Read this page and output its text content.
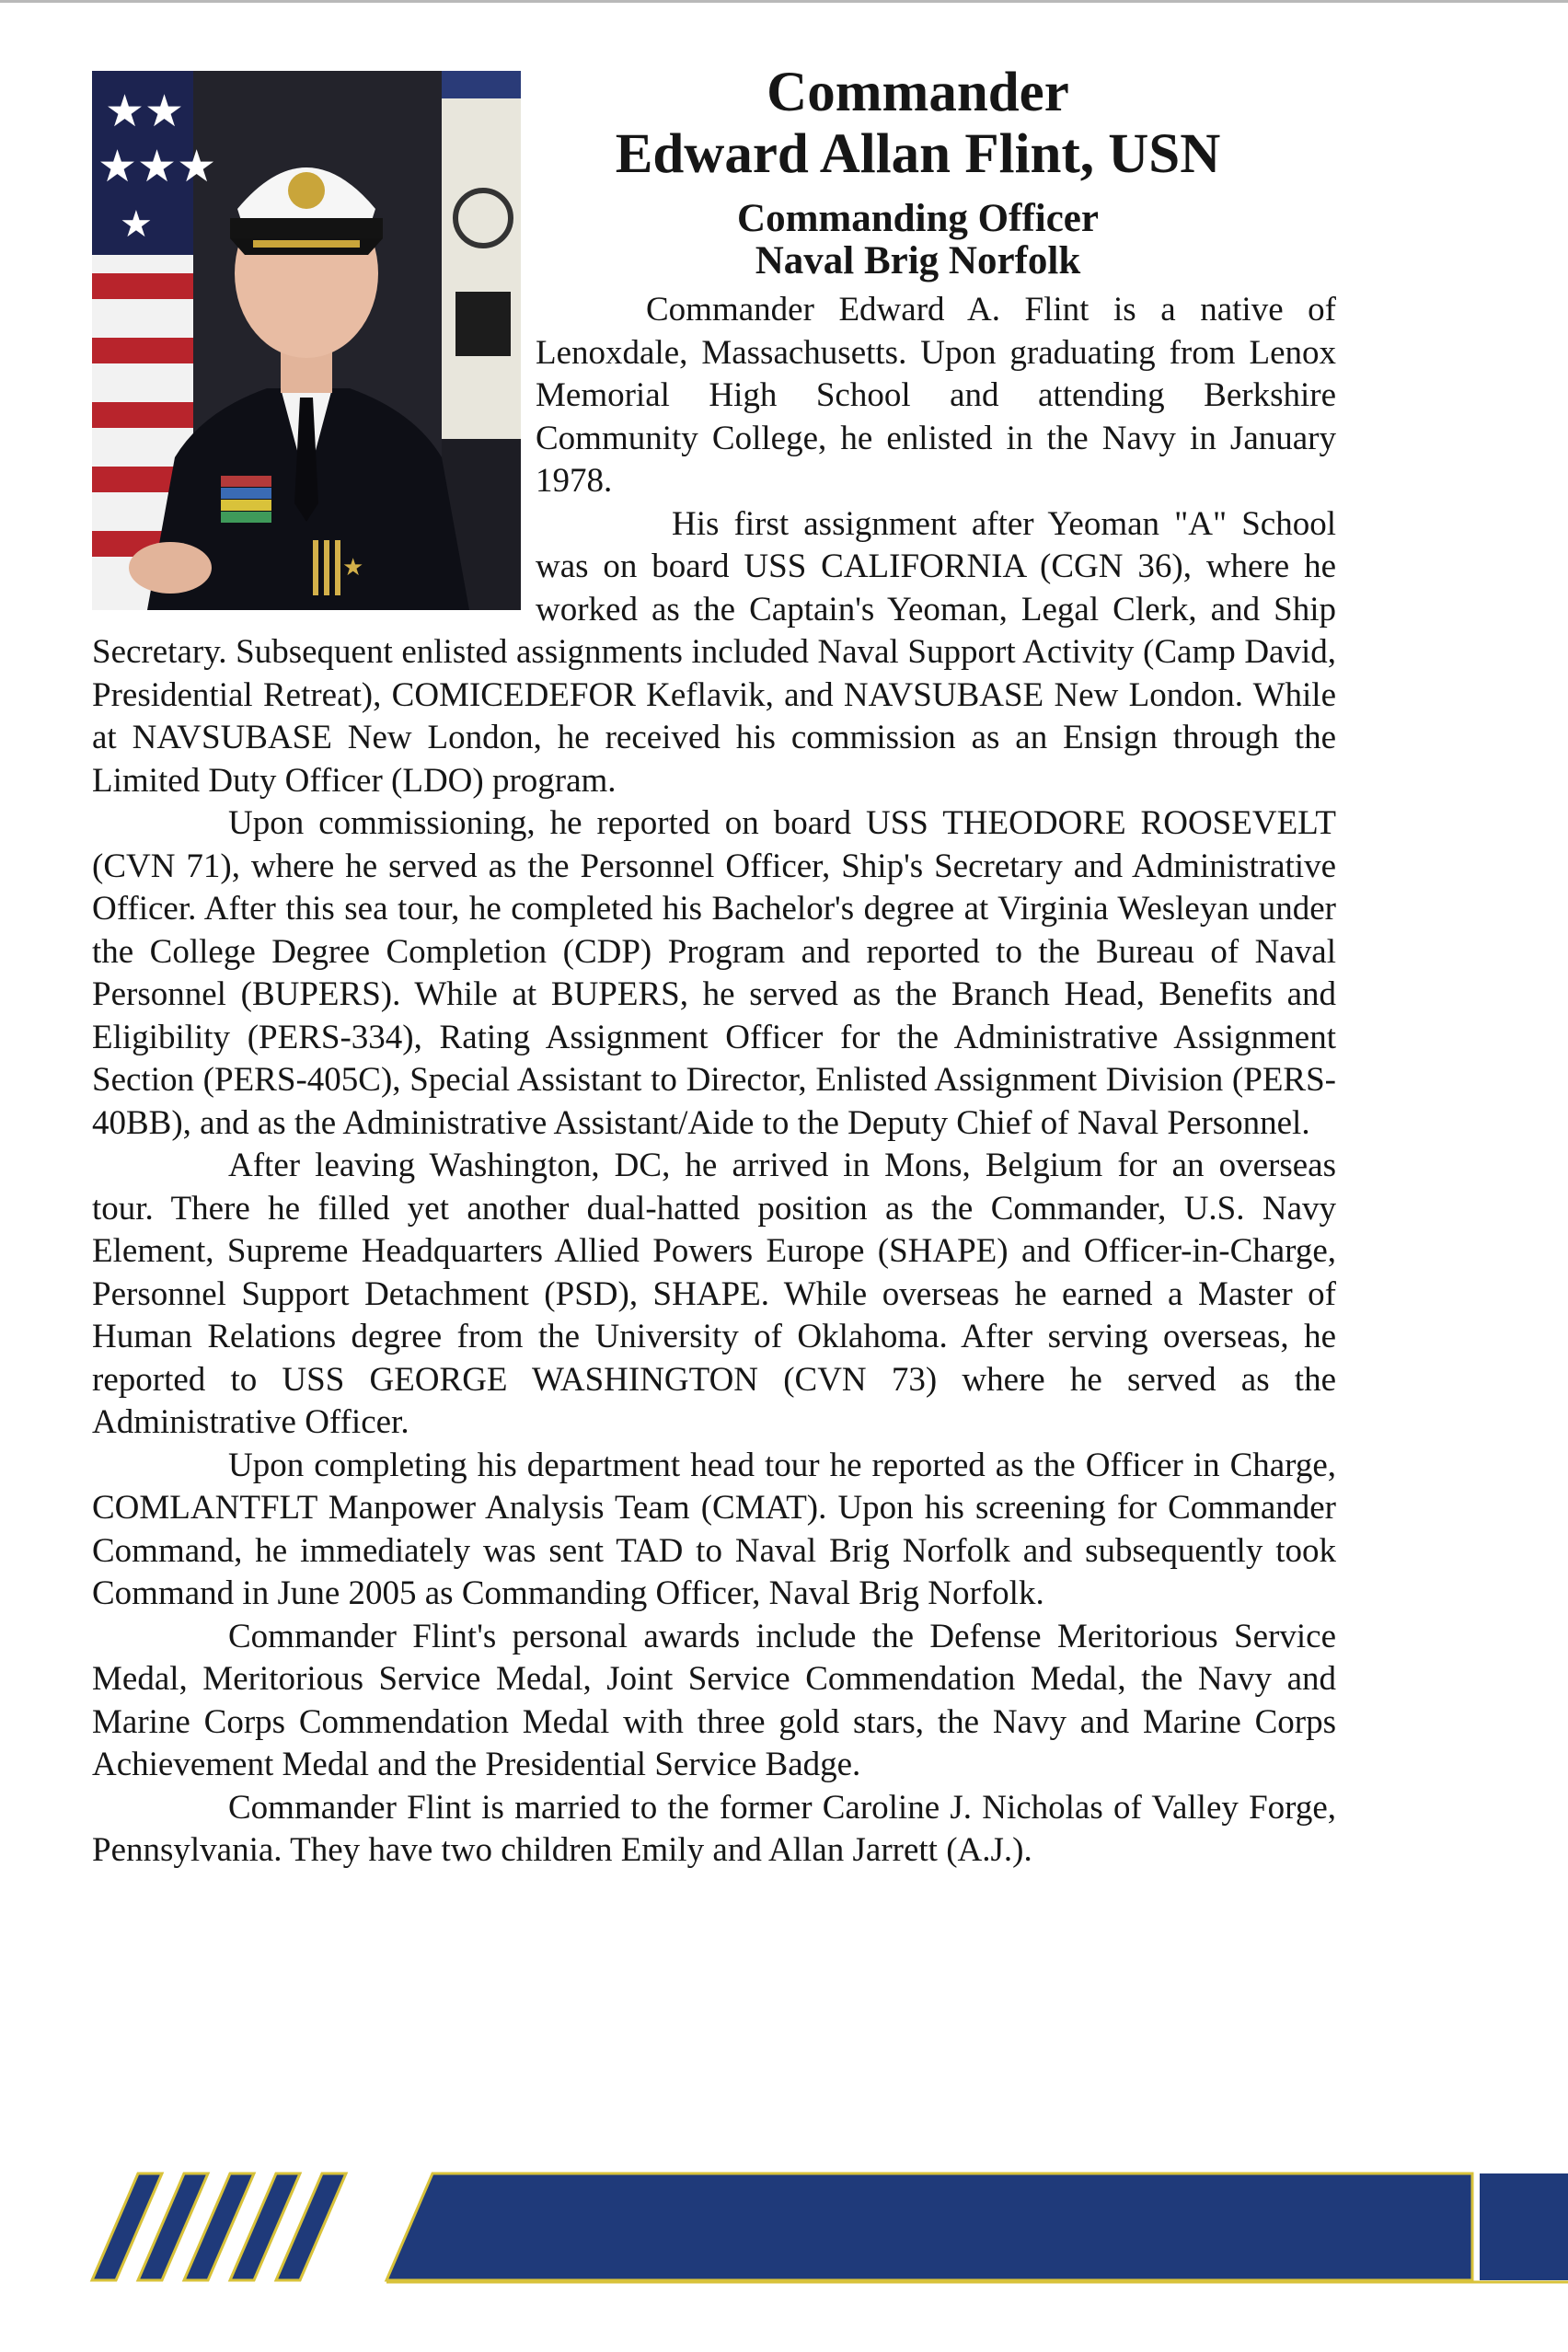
★★
★★★
★
★
Commander
Edward Allan Flint, USN
Commanding Officer
Naval Brig Norfolk

Commander Edward A. Flint is a native of Lenoxdale, Massachusetts. Upon graduating from Lenox Memorial High School and attending Berkshire Community College, he enlisted in the Navy in January 1978.

His first assignment after Yeoman "A" School was on board USS CALIFORNIA (CGN 36), where he worked as the Captain's Yeoman, Legal Clerk, and Ship Secretary. Subsequent enlisted assignments included Naval Support Activity (Camp David, Presidential Retreat), COMICEDEFOR Keflavik, and NAVSUBASE New London. While at NAVSUBASE New London, he received his commission as an Ensign through the Limited Duty Officer (LDO) program.

Upon commissioning, he reported on board USS THEODORE ROOSEVELT (CVN 71), where he served as the Personnel Officer, Ship's Secretary and Administrative Officer. After this sea tour, he completed his Bachelor's degree at Virginia Wesleyan under the College Degree Completion (CDP) Program and reported to the Bureau of Naval Personnel (BUPERS). While at BUPERS, he served as the Branch Head, Benefits and Eligibility (PERS-334), Rating Assignment Officer for the Administrative Assignment Section (PERS-405C), Special Assistant to Director, Enlisted Assignment Division (PERS-40BB), and as the Administrative Assistant/Aide to the Deputy Chief of Naval Personnel.

After leaving Washington, DC, he arrived in Mons, Belgium for an overseas tour. There he filled yet another dual-hatted position as the Commander, U.S. Navy Element, Supreme Headquarters Allied Powers Europe (SHAPE) and Officer-in-Charge, Personnel Support Detachment (PSD), SHAPE. While overseas he earned a Master of Human Relations degree from the University of Oklahoma. After serving overseas, he reported to USS GEORGE WASHINGTON (CVN 73) where he served as the Administrative Officer.

Upon completing his department head tour he reported as the Officer in Charge, COMLANTFLT Manpower Analysis Team (CMAT). Upon his screening for Commander Command, he immediately was sent TAD to Naval Brig Norfolk and subsequently took Command in June 2005 as Commanding Officer, Naval Brig Norfolk.

Commander Flint's personal awards include the Defense Meritorious Service Medal, Meritorious Service Medal, Joint Service Commendation Medal, the Navy and Marine Corps Commendation Medal with three gold stars, the Navy and Marine Corps Achievement Medal and the Presidential Service Badge.

Commander Flint is married to the former Caroline J. Nicholas of Valley Forge, Pennsylvania. They have two children Emily and Allan Jarrett (A.J.).
